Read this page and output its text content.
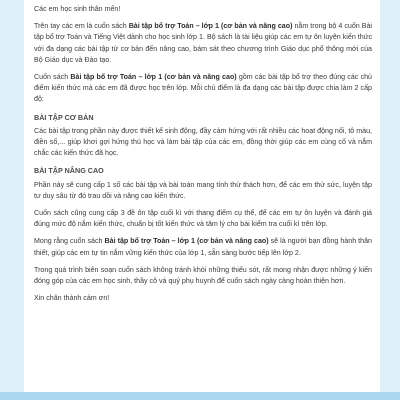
Các em học sinh thân mến!

Trên tay các em là cuốn sách Bài tập bổ trợ Toán – lớp 1 (cơ bản và nâng cao) nằm trong bộ 4 cuốn Bài tập bổ trợ Toán và Tiếng Việt dành cho học sinh lớp 1. Bộ sách là tài liệu giúp các em tự ôn luyện kiến thức với đa dạng các bài tập từ cơ bản đến nâng cao, bám sát theo chương trình Giáo dục phổ thông mới của Bộ Giáo dục và Đào tạo.

Cuốn sách Bài tập bổ trợ Toán – lớp 1 (cơ bản và nâng cao) gồm các bài tập bổ trợ theo đúng các chủ điểm kiến thức mà các em đã được học trên lớp. Mỗi chủ điểm là đa dạng các bài tập được chia làm 2 cấp độ:

BÀI TẬP CƠ BẢN

Các bài tập trong phần này được thiết kế sinh động, đầy cảm hứng với rất nhiều các hoạt động nối, tô màu, điền số,... giúp khơi gợi hứng thú học và làm bài tập của các em, đồng thời giúp các em củng cố và nắm chắc các kiến thức đã học.

BÀI TẬP NÂNG CAO

Phần này sẽ cung cấp 1 số các bài tập và bài toán mang tính thử thách hơn, để các em thử sức, luyện tập tư duy sâu từ đó trau dồi và nâng cao kiến thức.

Cuốn sách cũng cung cấp 3 đề ôn tập cuối kì với thang điểm cụ thể, để các em tự ôn luyện và đánh giá đúng mức độ nắm kiến thức, chuẩn bị tốt kiến thức và tâm lý cho bài kiểm tra cuối kì trên lớp.

Mong rằng cuốn sách Bài tập bổ trợ Toán – lớp 1 (cơ bản và nâng cao) sẽ là người bạn đồng hành thân thiết, giúp các em tự tin nắm vững kiến thức của lớp 1, sẵn sàng bước tiếp lên lớp 2.

Trong quá trình biên soạn cuốn sách không tránh khỏi những thiếu sót, rất mong nhận được những ý kiến đóng góp của các em học sinh, thầy cô và quý phụ huynh để cuốn sách ngày càng hoàn thiện hơn.

Xin chân thành cảm ơn!
